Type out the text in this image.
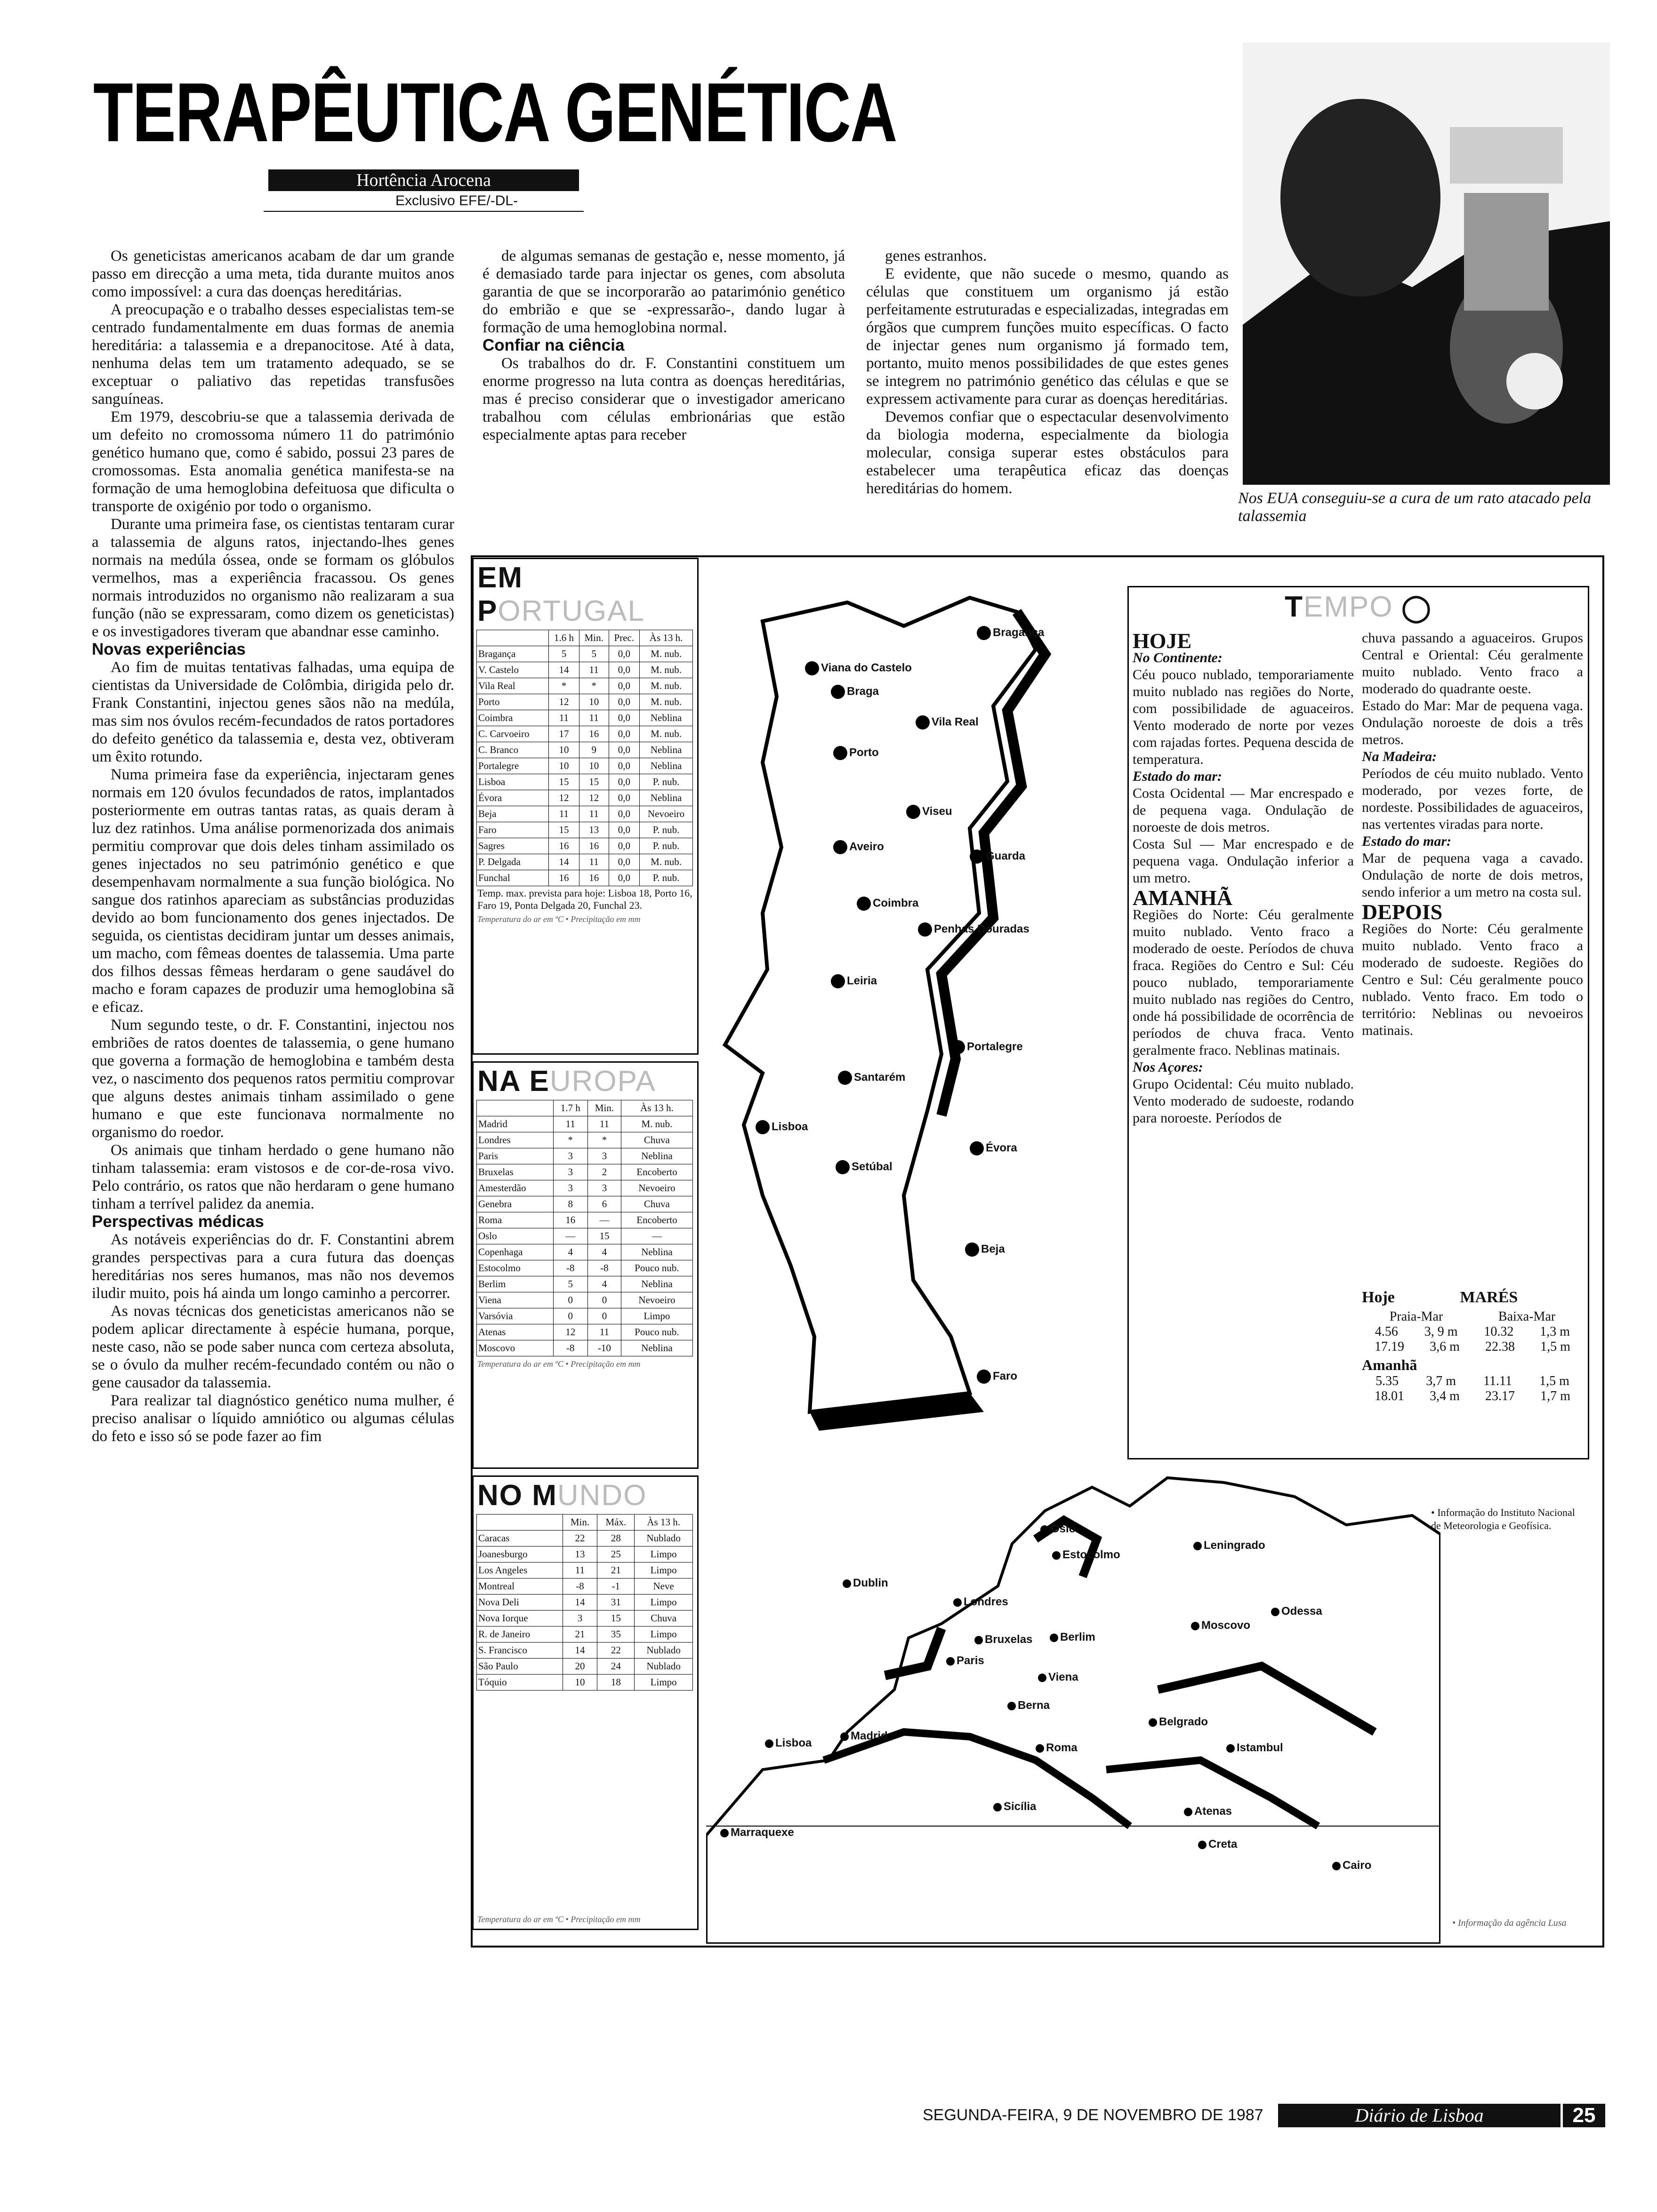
TERAPÊUTICA GENÉTICA
Hortência Arocena
Exclusivo EFE/-DL-

Os geneticistas americanos acabam de dar um grande passo em direcção a uma meta, tida durante muitos anos como impossível: a cura das doenças hereditárias.

A preocupação e o trabalho desses especialistas tem-se centrado fundamentalmente em duas formas de anemia hereditária: a talassemia e a drepanocitose. Até à data, nenhuma delas tem um tratamento adequado, se se exceptuar o paliativo das repetidas transfusões sanguíneas.

Em 1979, descobriu-se que a talassemia derivada de um defeito no cromossoma número 11 do património genético humano que, como é sabido, possui 23 pares de cromossomas. Esta anomalia genética manifesta-se na formação de uma hemoglobina defeituosa que dificulta o transporte de oxigénio por todo o organismo.

Durante uma primeira fase, os cientistas tentaram curar a talassemia de alguns ratos, injectando-lhes genes normais na medúla óssea, onde se formam os glóbulos vermelhos, mas a experiência fracassou. Os genes normais introduzidos no organismo não realizaram a sua função (não se expressaram, como dizem os geneticistas) e os investigadores tiveram que abandnar esse caminho.

Novas experiências

Ao fim de muitas tentativas falhadas, uma equipa de cientistas da Universidade de Colômbia, dirigida pelo dr. Frank Constantini, injectou genes sãos não na medúla, mas sim nos óvulos recém-fecundados de ratos portadores do defeito genético da talassemia e, desta vez, obtiveram um êxito rotundo.

Numa primeira fase da experiência, injectaram genes normais em 120 óvulos fecundados de ratos, implantados posteriormente em outras tantas ratas, as quais deram à luz dez ratinhos. Uma análise pormenorizada dos animais permitiu comprovar que dois deles tinham assimilado os genes injectados no seu património genético e que desempenhavam normalmente a sua função biológica. No sangue dos ratinhos apareciam as substâncias produzidas devido ao bom funcionamento dos genes injectados. De seguida, os cientistas decidiram juntar um desses animais, um macho, com fêmeas doentes de talassemia. Uma parte dos filhos dessas fêmeas herdaram o gene saudável do macho e foram capazes de produzir uma hemoglobina sã e eficaz.

Num segundo teste, o dr. F. Constantini, injectou nos embriões de ratos doentes de talassemia, o gene humano que governa a formação de hemoglobina e também desta vez, o nascimento dos pequenos ratos permitiu comprovar que alguns destes animais tinham assimilado o gene humano e que este funcionava normalmente no organismo do roedor.

Os animais que tinham herdado o gene humano não tinham talassemia: eram vistosos e de cor-de-rosa vivo. Pelo contrário, os ratos que não herdaram o gene humano tinham a terrível palidez da anemia.

Perspectivas médicas

As notáveis experiências do dr. F. Constantini abrem grandes perspectivas para a cura futura das doenças hereditárias nos seres humanos, mas não nos devemos iludir muito, pois há ainda um longo caminho a percorrer.

As novas técnicas dos geneticistas americanos não se podem aplicar directamente à espécie humana, porque, neste caso, não se pode saber nunca com certeza absoluta, se o óvulo da mulher recém-fecundado contém ou não o gene causador da talassemia.

Para realizar tal diagnóstico genético numa mulher, é preciso analisar o líquido amniótico ou algumas células do feto e isso só se pode fazer ao fim

de algumas semanas de gestação e, nesse momento, já é demasiado tarde para injectar os genes, com absoluta garantia de que se incorporarão ao patarimónio genético do embrião e que se -expressarão-, dando lugar à formação de uma hemoglobina normal.

Confiar na ciência

Os trabalhos do dr. F. Constantini constituem um enorme progresso na luta contra as doenças hereditárias, mas é preciso considerar que o investigador americano trabalhou com células embrionárias que estão especialmente aptas para receber

genes estranhos.

E evidente, que não sucede o mesmo, quando as células que constituem um organismo já estão perfeitamente estruturadas e especializadas, integradas em órgãos que cumprem funções muito específicas. O facto de injectar genes num organismo já formado tem, portanto, muito menos possibilidades de que estes genes se integrem no património genético das células e que se expressem activamente para curar as doenças hereditárias.

Devemos confiar que o espectacular desenvolvimento da biologia moderna, especialmente da biologia molecular, consiga superar estes obstáculos para estabelecer uma terapêutica eficaz das doenças hereditárias do homem.

Nos EUA conseguiu-se a cura de um rato atacado pela talassemia
EM PORTUGAL
	1.6 h	Min.	Prec.	Às 13 h.
Bragança	5	5	0,0	M. nub.
V. Castelo	14	11	0,0	M. nub.
Vila Real	*	*	0,0	M. nub.
Porto	12	10	0,0	M. nub.
Coimbra	11	11	0,0	Neblina
C. Carvoeiro	17	16	0,0	M. nub.
C. Branco	10	9	0,0	Neblina
Portalegre	10	10	0,0	Neblina
Lisboa	15	15	0,0	P. nub.
Évora	12	12	0,0	Neblina
Beja	11	11	0,0	Nevoeiro
Faro	15	13	0,0	P. nub.
Sagres	16	16	0,0	P. nub.
P. Delgada	14	11	0,0	M. nub.
Funchal	16	16	0,0	P. nub.
Temp. max. prevista para hoje: Lisboa 18, Porto 16, Faro 19, Ponta Delgada 20, Funchal 23.
Temperatura do ar em ºC • Precipitação em mm
NA EUROPA
	1.7 h	Min.	Às 13 h.
Madrid	11	11	M. nub.
Londres	*	*	Chuva
Paris	3	3	Neblina
Bruxelas	3	2	Encoberto
Amesterdão	3	3	Nevoeiro
Genebra	8	6	Chuva
Roma	16	—	Encoberto
Oslo	—	15	—
Copenhaga	4	4	Neblina
Estocolmo	-8	-8	Pouco nub.
Berlim	5	4	Neblina
Viena	0	0	Nevoeiro
Varsóvia	0	0	Limpo
Atenas	12	11	Pouco nub.
Moscovo	-8	-10	Neblina
Temperatura do ar em ºC • Precipitação em mm
NO MUNDO
	Min.	Máx.	Às 13 h.
Caracas	22	28	Nublado
Joanesburgo	13	25	Limpo
Los Angeles	11	21	Limpo
Montreal	-8	-1	Neve
Nova Deli	14	31	Limpo
Nova Iorque	3	15	Chuva
R. de Janeiro	21	35	Limpo
S. Francisco	14	22	Nublado
São Paulo	20	24	Nublado
Tóquio	10	18	Limpo
Temperatura do ar em ºC • Precipitação em mm
Viana do Castelo
Bragança
Braga
Vila Real
Porto
Viseu
Aveiro
Guarda
Coimbra
Penhas Douradas
Leiria
Portalegre
Santarém
Lisboa
Setúbal
Évora
Beja
Faro
Oslo
Estocolmo
Leningrado
Dublin
Londres
Moscovo
Bruxelas	Berlim
Paris
Viena
Odessa
Berna
Lisboa
Madrid
Belgrado
Roma	Istambul
Sicília	Atenas
Marraquexe
Creta
Cairo
• Informação da agência Lusa
TEMPO ◯
HOJE
No Continente:
Céu pouco nublado, temporariamente muito nublado nas regiões do Norte, com possibilidade de aguaceiros. Vento moderado de norte por vezes com rajadas fortes. Pequena descida de temperatura.
Estado do mar:
Costa Ocidental — Mar encrespado e de pequena vaga. Ondulação de noroeste de dois metros.
Costa Sul — Mar encrespado e de pequena vaga. Ondulação inferior a um metro.
AMANHÃ
Regiões do Norte: Céu geralmente muito nublado. Vento fraco a moderado de oeste. Períodos de chuva fraca. Regiões do Centro e Sul: Céu pouco nublado, temporariamente muito nublado nas regiões do Centro, onde há possibilidade de ocorrência de períodos de chuva fraca. Vento geralmente fraco. Neblinas matinais.
Nos Açores:
Grupo Ocidental: Céu muito nublado. Vento moderado de sudoeste, rodando para noroeste. Períodos de
chuva passando a aguaceiros. Grupos Central e Oriental: Céu geralmente muito nublado. Vento fraco a moderado do quadrante oeste.
Estado do Mar: Mar de pequena vaga. Ondulação noroeste de dois a três metros.
Na Madeira:
Períodos de céu muito nublado. Vento moderado, por vezes forte, de nordeste. Possibilidades de aguaceiros, nas vertentes viradas para norte.
Estado do mar:
Mar de pequena vaga a cavado. Ondulação de norte de dois metros, sendo inferior a um metro na costa sul.
DEPOIS
Regiões do Norte: Céu geralmente muito nublado. Vento fraco a moderado de sudoeste. Regiões do Centro e Sul: Céu geralmente pouco nublado. Vento fraco. Em todo o território: Neblinas ou nevoeiros matinais.
Hoje	MARÉS
Praia-Mar	Baixa-Mar
4.56 3, 9 m 10.32 1,3 m
17.19 3,6 m 22.38 1,5 m
Amanhã
5.35 3,7 m 11.11 1,5 m
18.01 3,4 m 23.17 1,7 m
• Informação do Instituto Nacional de Meteorologia e Geofísica.
SEGUNDA-FEIRA, 9 DE NOVEMBRO DE 1987	Diário de Lisboa	25
